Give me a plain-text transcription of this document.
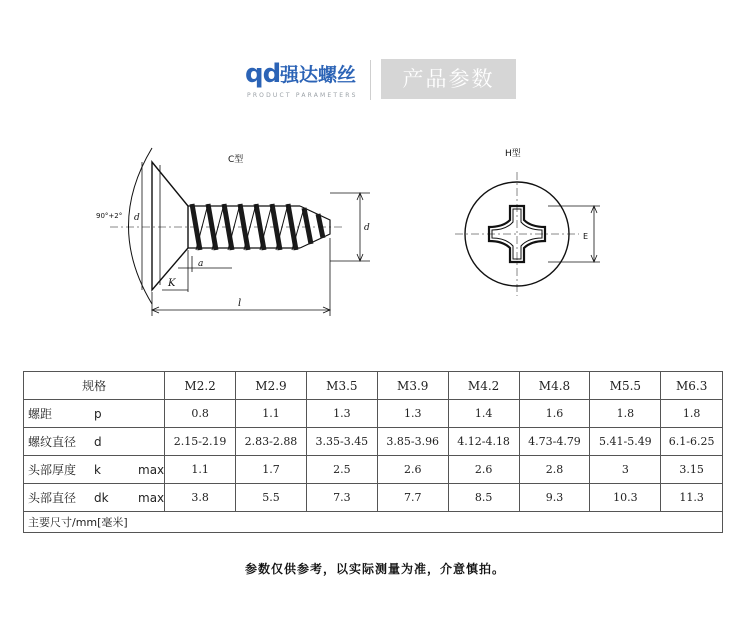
qd 强达螺丝
PRODUCT PARAMETERS
产品参数
C型
90°+2° d
d
a
K
l
H型
E
规格	M2.2	M2.9	M3.5	M3.9	M4.2	M4.8	M5.5	M6.3
螺距 p	0.8	1.1	1.3	1.3	1.4	1.6	1.8	1.8
螺纹直径 d	2.15-2.19	2.83-2.88	3.35-3.45	3.85-3.96	4.12-4.18	4.73-4.79	5.41-5.49	6.1-6.25
头部厚度 k max	1.1	1.7	2.5	2.6	2.6	2.8	3	3.15
头部直径 dk max	3.8	5.5	7.3	7.7	8.5	9.3	10.3	11.3
主要尺寸/mm[毫米]								
参数仅供参考，以实际测量为准，介意慎拍。
